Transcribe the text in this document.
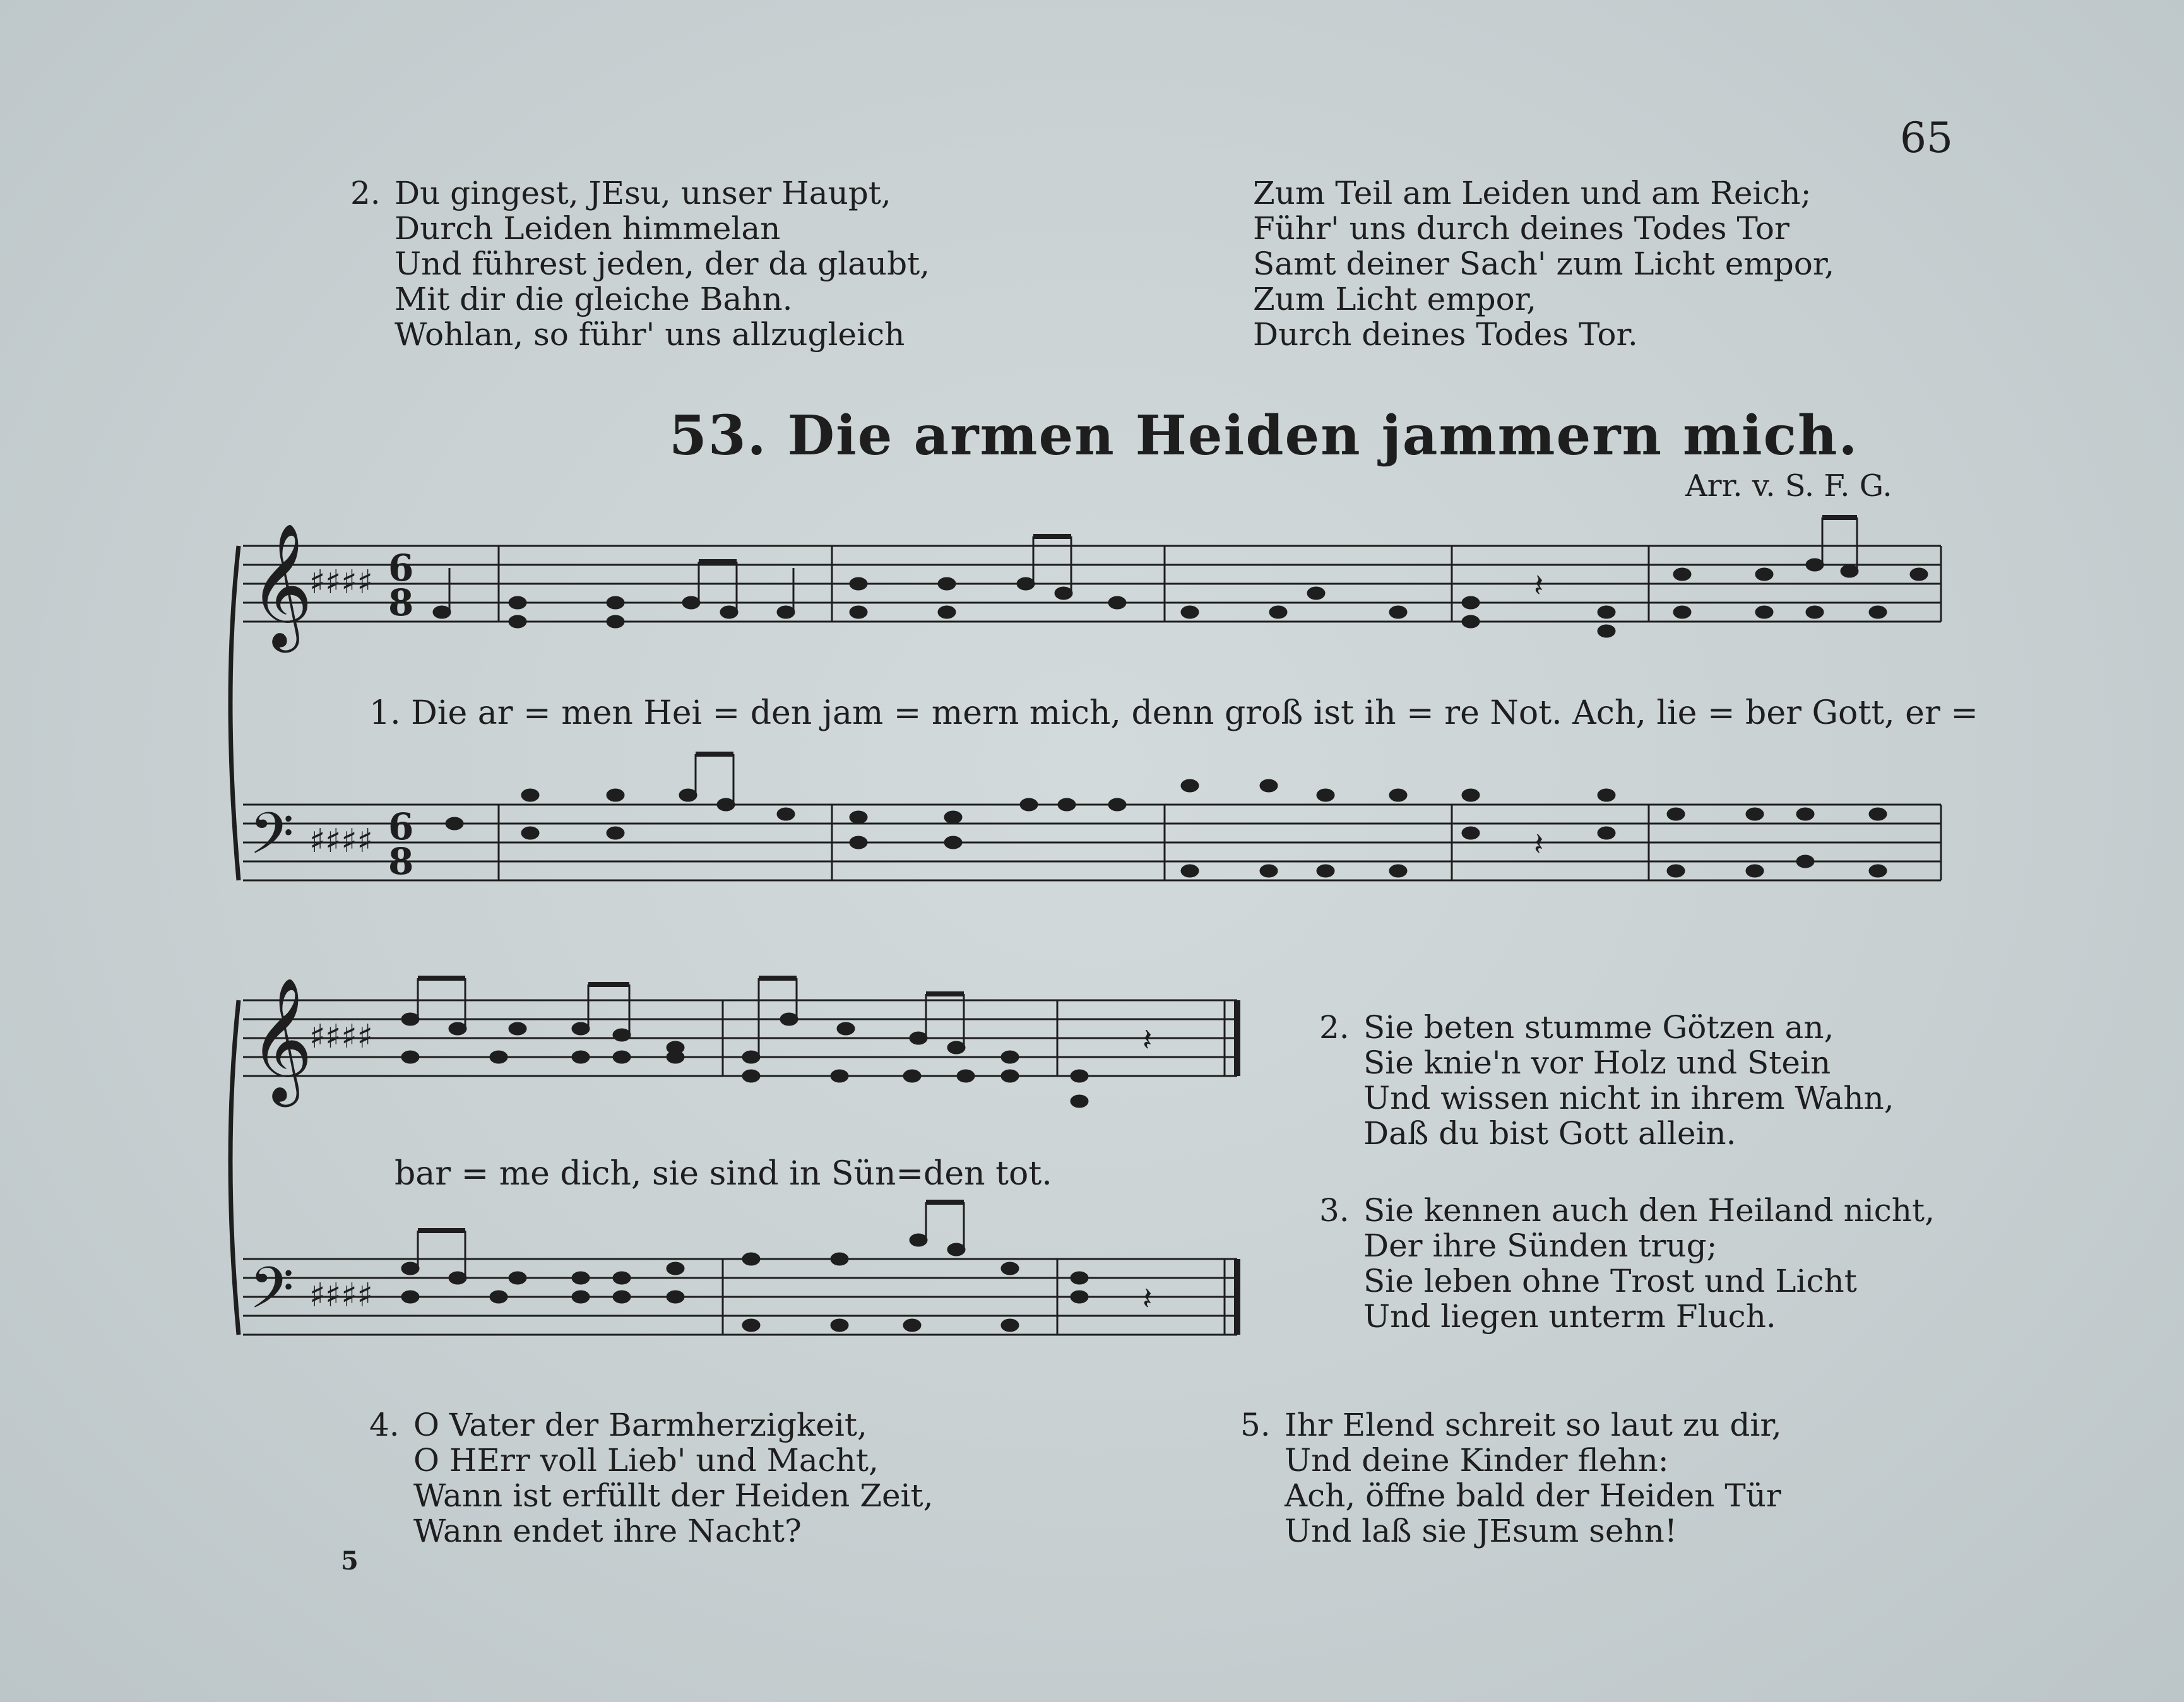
65
2. Du gingest, JEsu, unser Haupt,
Durch Leiden himmelan
Und führest jeden, der da glaubt,
Mit dir die gleiche Bahn.
Wohlan, so führ' uns allzugleich
Zum Teil am Leiden und am Reich;
Führ' uns durch deines Todes Tor
Samt deiner Sach' zum Licht empor,
Zum Licht empor,
Durch deines Todes Tor.
53. Die armen Heiden jammern mich.
Arr. v. S. F. G.
𝄞
𝄢
♯♯♯♯
♯♯♯♯
6
8
6
8
𝄽
𝄽
𝄞
𝄢
♯♯♯♯
♯♯♯♯
𝄽
𝄽
1. Die ar = men Hei = den jam = mern mich, denn groß ist ih = re Not. Ach, lie = ber Gott, er =
bar = me dich, sie sind in Sün=den tot.
2. Sie beten stumme Götzen an,
Sie knie'n vor Holz und Stein
Und wissen nicht in ihrem Wahn,
Daß du bist Gott allein.
3. Sie kennen auch den Heiland nicht,
Der ihre Sünden trug;
Sie leben ohne Trost und Licht
Und liegen unterm Fluch.
4. O Vater der Barmherzigkeit,
O HErr voll Lieb' und Macht,
Wann ist erfüllt der Heiden Zeit,
Wann endet ihre Nacht?
5. Ihr Elend schreit so laut zu dir,
Und deine Kinder flehn:
Ach, öffne bald der Heiden Tür
Und laß sie JEsum sehn!
5
